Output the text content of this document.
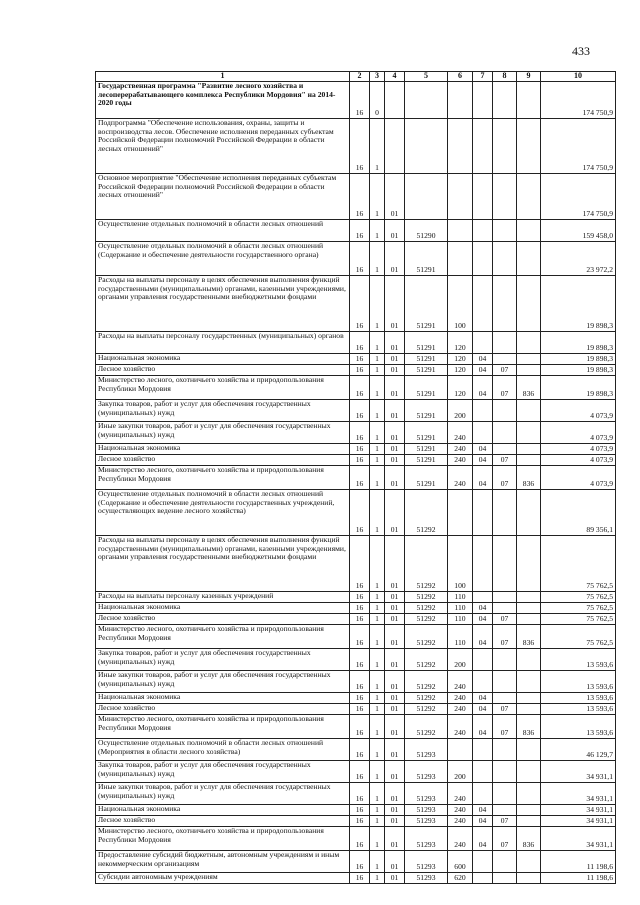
433
1	2	3	4	5	6	7	8	9	10
Государственная программа "Развитие лесного хозяйства и лесоперерабатывающего комплекса Республики Мордовия" на 2014-2020 годы	16	0							174 750,9
Подпрограмма "Обеспечение использования, охраны, защиты и воспроизводства лесов. Обеспечение исполнения переданных субъектам Российской Федерации полномочий Российской Федерации в области лесных отношений"	16	1							174 750,9
Основное мероприятие "Обеспечение исполнения переданных субъектам Российской Федерации полномочий Российской Федерации в области лесных отношений"	16	1	01						174 750,9
Осуществление отдельных полномочий в области лесных отношений	16	1	01	51290					159 458,0
Осуществление отдельных полномочий в области лесных отношений (Содержание и обеспечение деятельности государственного органа)	16	1	01	51291					23 972,2
Расходы на выплаты персоналу в целях обеспечения выполнения функций государственными (муниципальными) органами, казенными учреждениями, органами управления государственными внебюджетными фондами	16	1	01	51291	100				19 898,3
Расходы на выплаты персоналу государственных (муниципальных) органов	16	1	01	51291	120				19 898,3
Национальная экономика	16	1	01	51291	120	04			19 898,3
Лесное хозяйство	16	1	01	51291	120	04	07		19 898,3
Министерство лесного, охотничьего хозяйства и природопользования Республики Мордовия	16	1	01	51291	120	04	07	836	19 898,3
Закупка товаров, работ и услуг для обеспечения государственных (муниципальных) нужд	16	1	01	51291	200				4 073,9
Иные закупки товаров, работ и услуг для обеспечения государственных (муниципальных) нужд	16	1	01	51291	240				4 073,9
Национальная экономика	16	1	01	51291	240	04			4 073,9
Лесное хозяйство	16	1	01	51291	240	04	07		4 073,9
Министерство лесного, охотничьего хозяйства и природопользования Республики Мордовия	16	1	01	51291	240	04	07	836	4 073,9
Осуществление отдельных полномочий в области лесных отношений (Содержание и обеспечение деятельности государственных учреждений, осуществляющих ведение лесного хозяйства)	16	1	01	51292					89 356,1
Расходы на выплаты персоналу в целях обеспечения выполнения функций государственными (муниципальными) органами, казенными учреждениями, органами управления государственными внебюджетными фондами	16	1	01	51292	100				75 762,5
Расходы на выплаты персоналу казенных учреждений	16	1	01	51292	110				75 762,5
Национальная экономика	16	1	01	51292	110	04			75 762,5
Лесное хозяйство	16	1	01	51292	110	04	07		75 762,5
Министерство лесного, охотничьего хозяйства и природопользования Республики Мордовия	16	1	01	51292	110	04	07	836	75 762,5
Закупка товаров, работ и услуг для обеспечения государственных (муниципальных) нужд	16	1	01	51292	200				13 593,6
Иные закупки товаров, работ и услуг для обеспечения государственных (муниципальных) нужд	16	1	01	51292	240				13 593,6
Национальная экономика	16	1	01	51292	240	04			13 593,6
Лесное хозяйство	16	1	01	51292	240	04	07		13 593,6
Министерство лесного, охотничьего хозяйства и природопользования Республики Мордовия	16	1	01	51292	240	04	07	836	13 593,6
Осуществление отдельных полномочий в области лесных отношений (Мероприятия в области лесного хозяйства)	16	1	01	51293					46 129,7
Закупка товаров, работ и услуг для обеспечения государственных (муниципальных) нужд	16	1	01	51293	200				34 931,1
Иные закупки товаров, работ и услуг для обеспечения государственных (муниципальных) нужд	16	1	01	51293	240				34 931,1
Национальная экономика	16	1	01	51293	240	04			34 931,1
Лесное хозяйство	16	1	01	51293	240	04	07		34 931,1
Министерство лесного, охотничьего хозяйства и природопользования Республики Мордовия	16	1	01	51293	240	04	07	836	34 931,1
Предоставление субсидий бюджетным, автономным учреждениям и иным некоммерческим организациям	16	1	01	51293	600				11 198,6
Субсидии автономным учреждениям	16	1	01	51293	620				11 198,6
